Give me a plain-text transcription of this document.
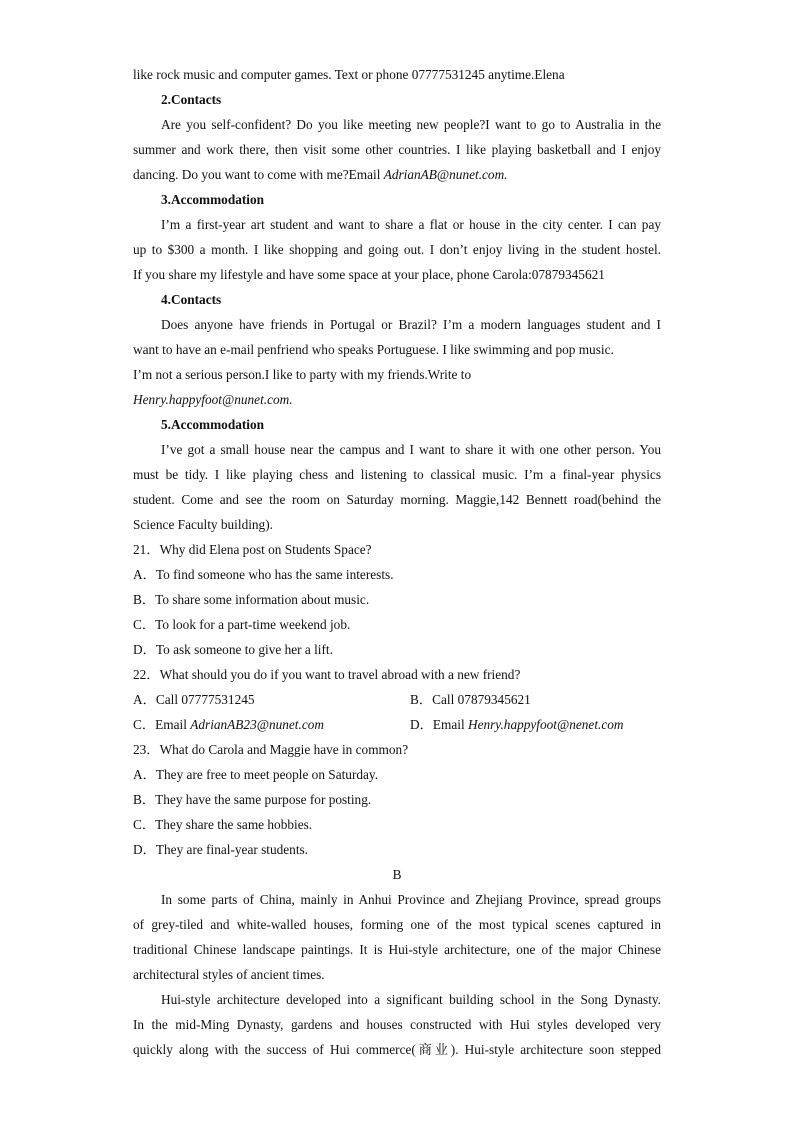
like rock music and computer games. Text or phone 07777531245 anytime.Elena
2.Contacts
Are you self-confident? Do you like meeting new people?I want to go to Australia in the
summer and work there, then visit some other countries. I like playing basketball and I enjoy
dancing. Do you want to come with me?Email AdrianAB@nunet.com.
3.Accommodation
I’m a first-year art student and want to share a flat or house in the city center. I can pay
up to $300 a month. I like shopping and going out. I don’t enjoy living in the student hostel.
If you share my lifestyle and have some space at your place, phone Carola:07879345621
4.Contacts
Does anyone have friends in Portugal or Brazil? I’m a modern languages student and I
want to have an e-mail penfriend who speaks Portuguese. I like swimming and pop music.
I’m not a serious person.I like to party with my friends.Write to
Henry.happyfoot@nunet.com.
5.Accommodation
I’ve got a small house near the campus and I want to share it with one other person. You
must be tidy. I like playing chess and listening to classical music. I’m a final-year physics
student. Come and see the room on Saturday morning. Maggie,142 Bennett road(behind the
Science Faculty building).
21．Why did Elena post on Students Space?
A．To find someone who has the same interests.
B．To share some information about music.
C．To look for a part-time weekend job.
D．To ask someone to give her a lift.
22．What should you do if you want to travel abroad with a new friend?
A．Call 07777531245	B．Call 07879345621
C．Email AdrianAB23@nunet.com	D．Email Henry.happyfoot@nenet.com
23．What do Carola and Maggie have in common?
A．They are free to meet people on Saturday.
B．They have the same purpose for posting.
C．They share the same hobbies.
D．They are final-year students.
B
In some parts of China, mainly in Anhui Province and Zhejiang Province, spread groups
of grey-tiled and white-walled houses, forming one of the most typical scenes captured in
traditional Chinese landscape paintings. It is Hui-style architecture, one of the major Chinese
architectural styles of ancient times.
Hui-style architecture developed into a significant building school in the Song Dynasty.
In the mid-Ming Dynasty, gardens and houses constructed with Hui styles developed very
quickly along with the success of Hui commerce(商业). Hui-style architecture soon stepped
